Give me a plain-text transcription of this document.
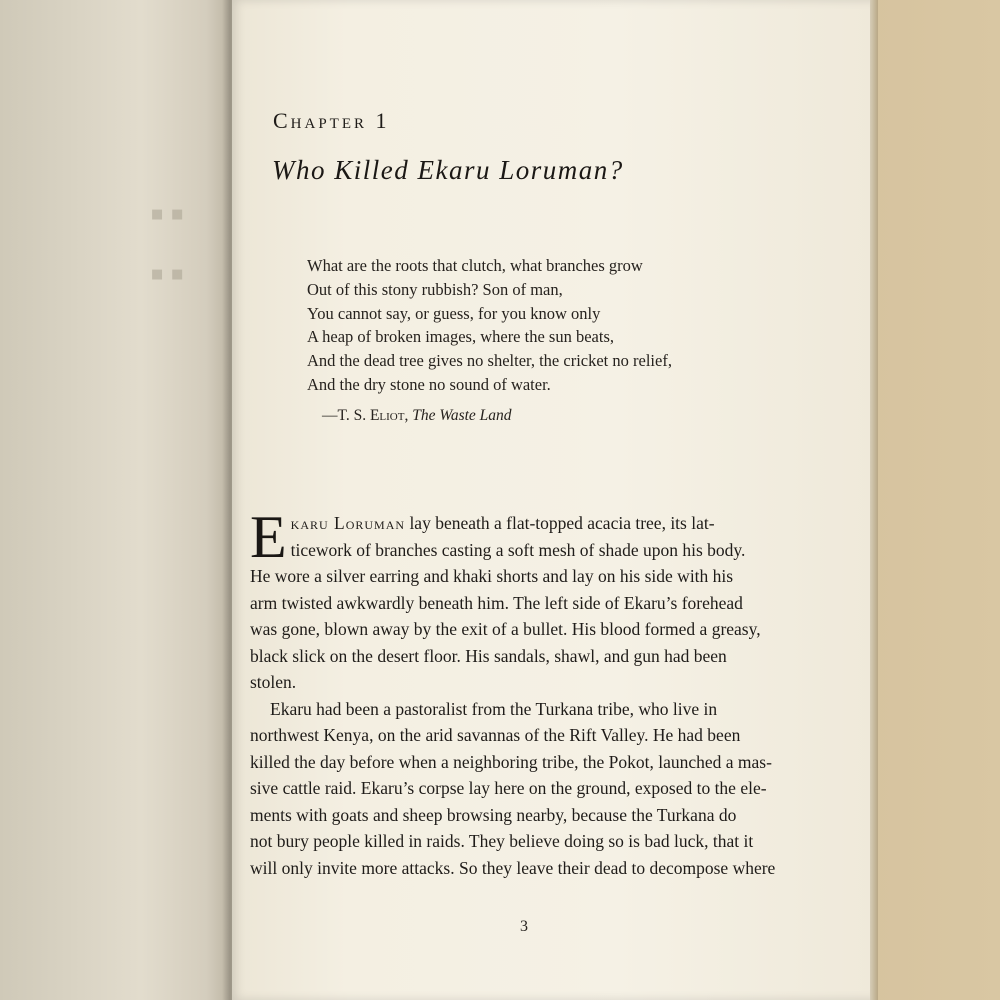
▪▪
▪▪
Chapter 1
Who Killed Ekaru Loruman?
What are the roots that clutch, what branches grow
Out of this stony rubbish? Son of man,
You cannot say, or guess, for you know only
A heap of broken images, where the sun beats,
And the dead tree gives no shelter, the cricket no relief,
And the dry stone no sound of water.
—T. S. Eliot, The Waste Land
E karu Loruman lay beneath a flat-topped acacia tree, its lat-
ticework of branches casting a soft mesh of shade upon his body.
He wore a silver earring and khaki shorts and lay on his side with his
arm twisted awkwardly beneath him. The left side of Ekaru’s forehead
was gone, blown away by the exit of a bullet. His blood formed a greasy,
black slick on the desert floor. His sandals, shawl, and gun had been
stolen.
Ekaru had been a pastoralist from the Turkana tribe, who live in
northwest Kenya, on the arid savannas of the Rift Valley. He had been
killed the day before when a neighboring tribe, the Pokot, launched a mas-
sive cattle raid. Ekaru’s corpse lay here on the ground, exposed to the ele-
ments with goats and sheep browsing nearby, because the Turkana do
not bury people killed in raids. They believe doing so is bad luck, that it
will only invite more attacks. So they leave their dead to decompose where
3
